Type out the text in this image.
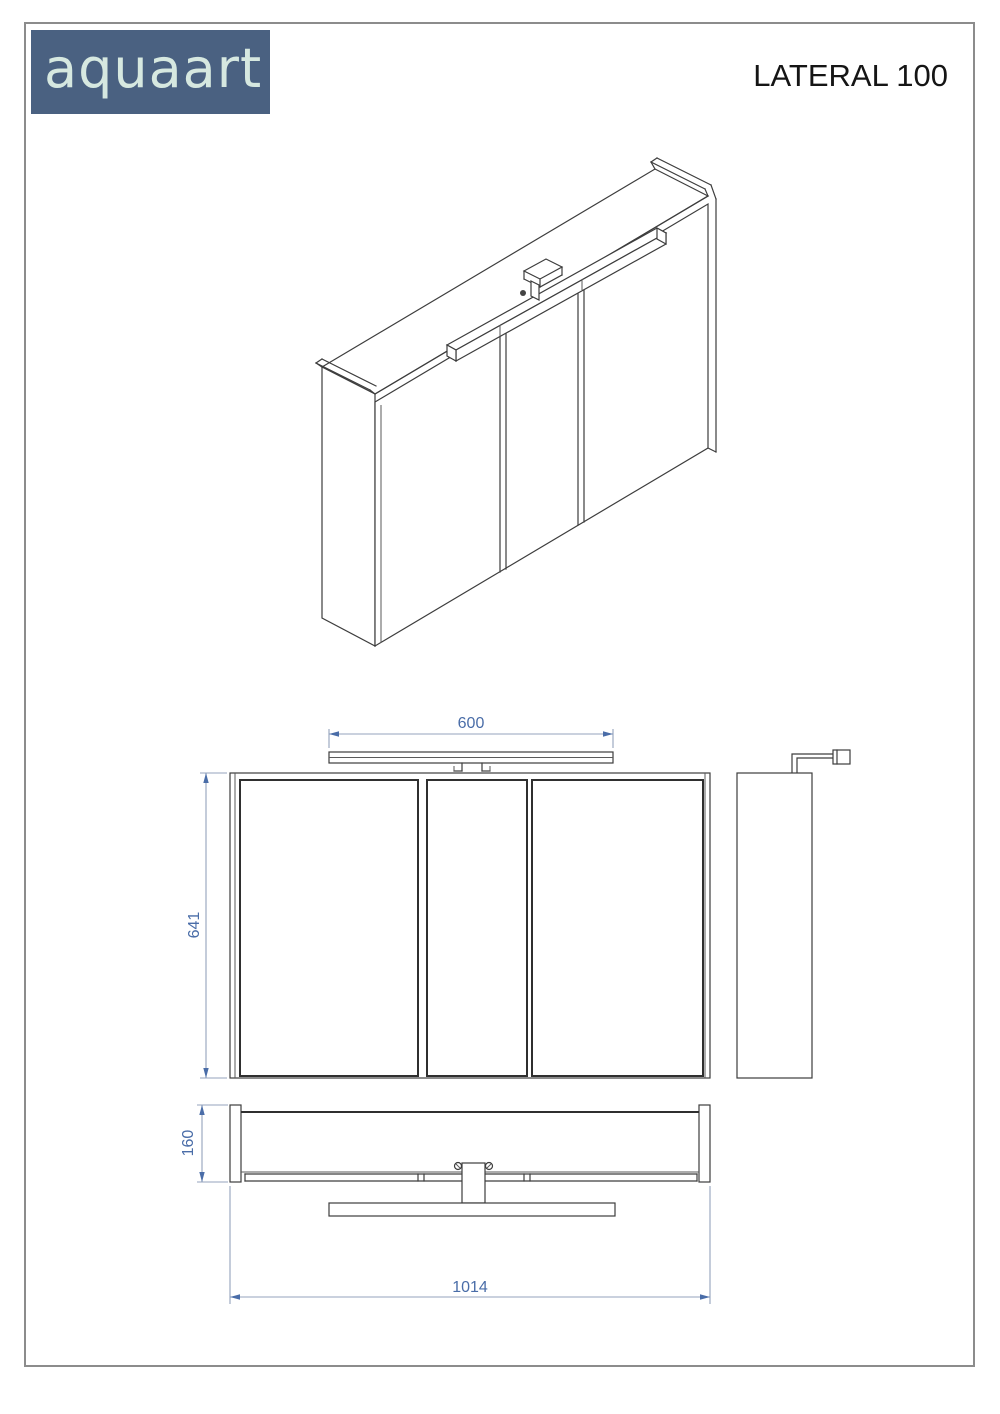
aquaart	LATERAL 100
600
641
160
1014
